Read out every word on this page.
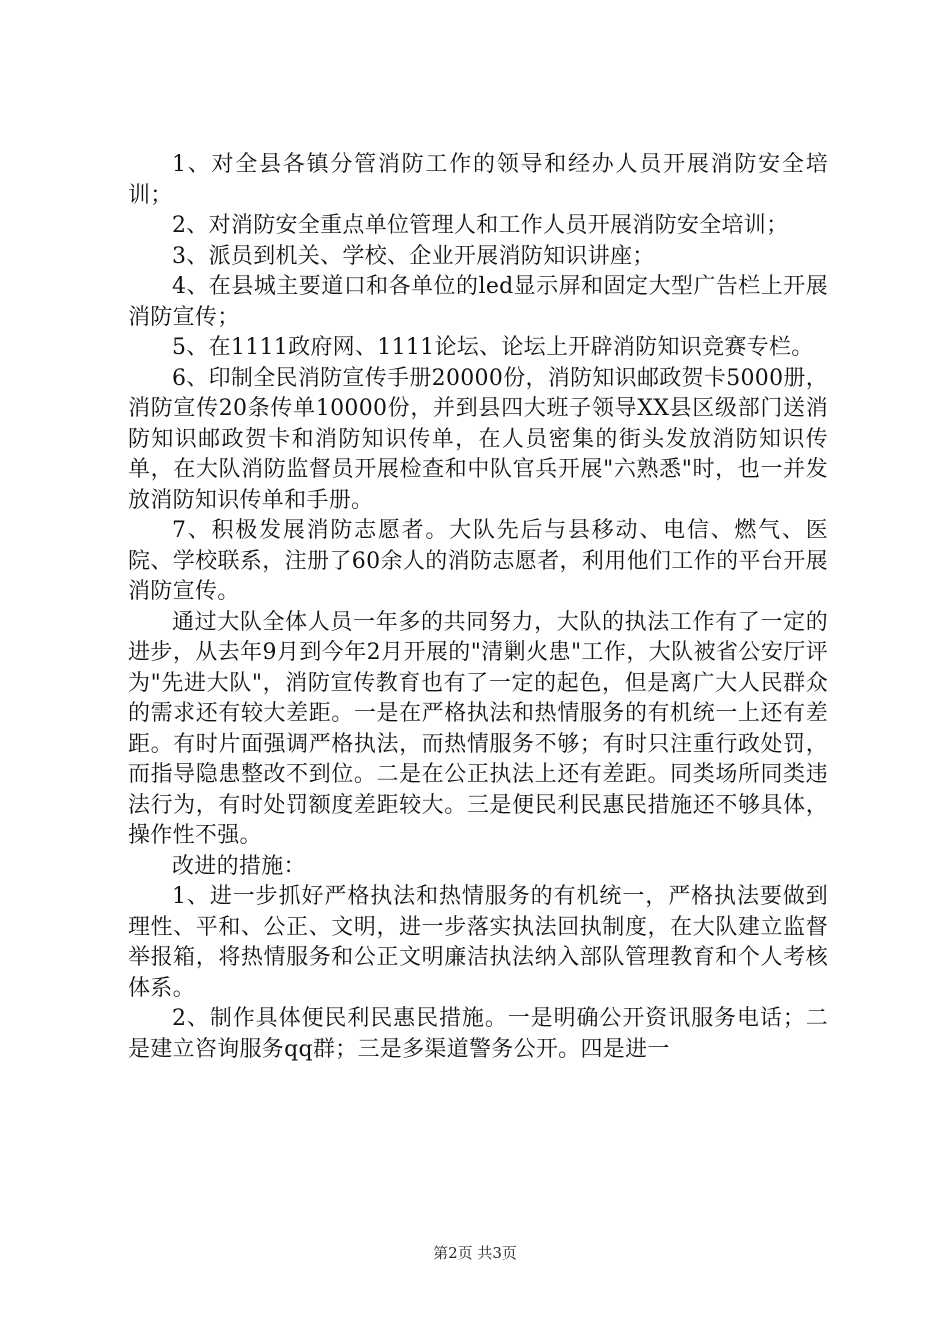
1、对全县各镇分管消防工作的领导和经办人员开展消防安全培训；

2、对消防安全重点单位管理人和工作人员开展消防安全培训；

3、派员到机关、学校、企业开展消防知识讲座；

4、在县城主要道口和各单位的led显示屏和固定大型广告栏上开展消防宣传；

5、在1111政府网、1111论坛、论坛上开辟消防知识竞赛专栏。

6、印制全民消防宣传手册20000份，消防知识邮政贺卡5000册，消防宣传20条传单10000份，并到县四大班子领导XX县区级部门送消防知识邮政贺卡和消防知识传单，在人员密集的街头发放消防知识传单，在大队消防监督员开展检查和中队官兵开展"六熟悉"时，也一并发放消防知识传单和手册。

7、积极发展消防志愿者。大队先后与县移动、电信、燃气、医院、学校联系，注册了60余人的消防志愿者，利用他们工作的平台开展消防宣传。

通过大队全体人员一年多的共同努力，大队的执法工作有了一定的进步，从去年9月到今年2月开展的"清剿火患"工作，大队被省公安厅评为"先进大队"，消防宣传教育也有了一定的起色，但是离广大人民群众的需求还有较大差距。一是在严格执法和热情服务的有机统一上还有差距。有时片面强调严格执法，而热情服务不够；有时只注重行政处罚，而指导隐患整改不到位。二是在公正执法上还有差距。同类场所同类违法行为，有时处罚额度差距较大。三是便民利民惠民措施还不够具体，操作性不强。

改进的措施：

1、进一步抓好严格执法和热情服务的有机统一，严格执法要做到理性、平和、公正、文明，进一步落实执法回执制度，在大队建立监督举报箱，将热情服务和公正文明廉洁执法纳入部队管理教育和个人考核体系。

2、制作具体便民利民惠民措施。一是明确公开资讯服务电话；二是建立咨询服务qq群；三是多渠道警务公开。四是进一

第2页 共3页
